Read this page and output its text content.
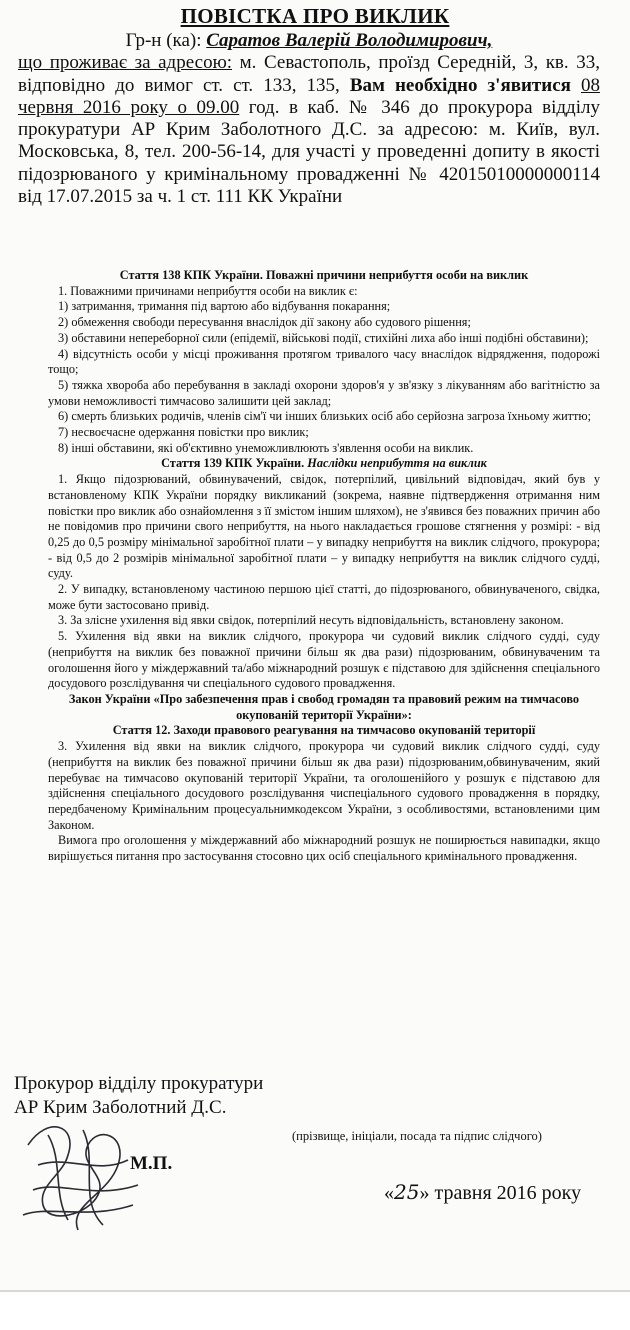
ПОВІСТКА ПРО ВИКЛИК
Гр-н (ка): Саратов Валерій Володимирович,
що проживає за адресою: м. Севастополь, проїзд Середній, 3, кв. 33, відповідно до вимог ст. ст. 133, 135, Вам необхідно з'явитися 08 червня 2016 року о 09.00 год. в каб. № 346 до прокурора відділу прокуратури АР Крим Заболотного Д.С. за адресою: м. Київ, вул. Московська, 8, тел. 200-56-14, для участі у проведенні допиту в якості підозрюваного у кримінальному провадженні № 42015010000000114 від 17.07.2015 за ч. 1 ст. 111 КК України

Стаття 138 КПК України. Поважні причини неприбуття особи на виклик

1. Поважними причинами неприбуття особи на виклик є:

1) затримання, тримання під вартою або відбування покарання;

2) обмеження свободи пересування внаслідок дії закону або судового рішення;

3) обставини непереборної сили (епідемії, військові події, стихійні лиха або інші подібні обставини);

4) відсутність особи у місці проживання протягом тривалого часу внаслідок відрядження, подорожі тощо;

5) тяжка хвороба або перебування в закладі охорони здоров'я у зв'язку з лікуванням або вагітністю за умови неможливості тимчасово залишити цей заклад;

6) смерть близьких родичів, членів сім'ї чи інших близьких осіб або серйозна загроза їхньому життю;

7) несвоєчасне одержання повістки про виклик;

8) інші обставини, які об'єктивно унеможливлюють з'явлення особи на виклик.

Стаття 139 КПК України. Наслідки неприбуття на виклик

1. Якщо підозрюваний, обвинувачений, свідок, потерпілий, цивільний відповідач, який був у встановленому КПК України порядку викликаний (зокрема, наявне підтвердження отримання ним повістки про виклик або ознайомлення з її змістом іншим шляхом), не з'явився без поважних причин або не повідомив про причини свого неприбуття, на нього накладається грошове стягнення у розмірі: - від 0,25 до 0,5 розміру мінімальної заробітної плати – у випадку неприбуття на виклик слідчого, прокурора; - від 0,5 до 2 розмірів мінімальної заробітної плати – у випадку неприбуття на виклик слідчого судді, суду.

2. У випадку, встановленому частиною першою цієї статті, до підозрюваного, обвинуваченого, свідка, може бути застосовано привід.

3. За злісне ухилення від явки свідок, потерпілий несуть відповідальність, встановлену законом.

5. Ухилення від явки на виклик слідчого, прокурора чи судовий виклик слідчого судді, суду (неприбуття на виклик без поважної причини більш як два рази) підозрюваним, обвинуваченим та оголошення його у міждержавний та/або міжнародний розшук є підставою для здійснення спеціального досудового розслідування чи спеціального судового провадження.

Закон України «Про забезпечення прав і свобод громадян та правовий режим на тимчасово окупованій території України»:

Стаття 12. Заходи правового реагування на тимчасово окупованій території

3. Ухилення від явки на виклик слідчого, прокурора чи судовий виклик слідчого судді, суду (неприбуття на виклик без поважної причини більш як два рази) підозрюваним,обвинуваченим, який перебуває на тимчасово окупованій території України, та оголошенійого у розшук є підставою для здійснення спеціального досудового розслідування чиспеціального судового провадження в порядку, передбаченому Кримінальним процесуальнимкодексом України, з особливостями, встановленими цим Законом.

Вимога про оголошення у міждержавний або міжнародний розшук не поширюється навипадки, якщо вирішується питання про застосування стосовно цих осіб спеціального кримінального провадження.

Прокурор відділу прокуратури
АР Крим Заболотний Д.С.
(прізвище, ініціали, посада та підпис слідчого)
М.П.
«25» травня 2016 року
